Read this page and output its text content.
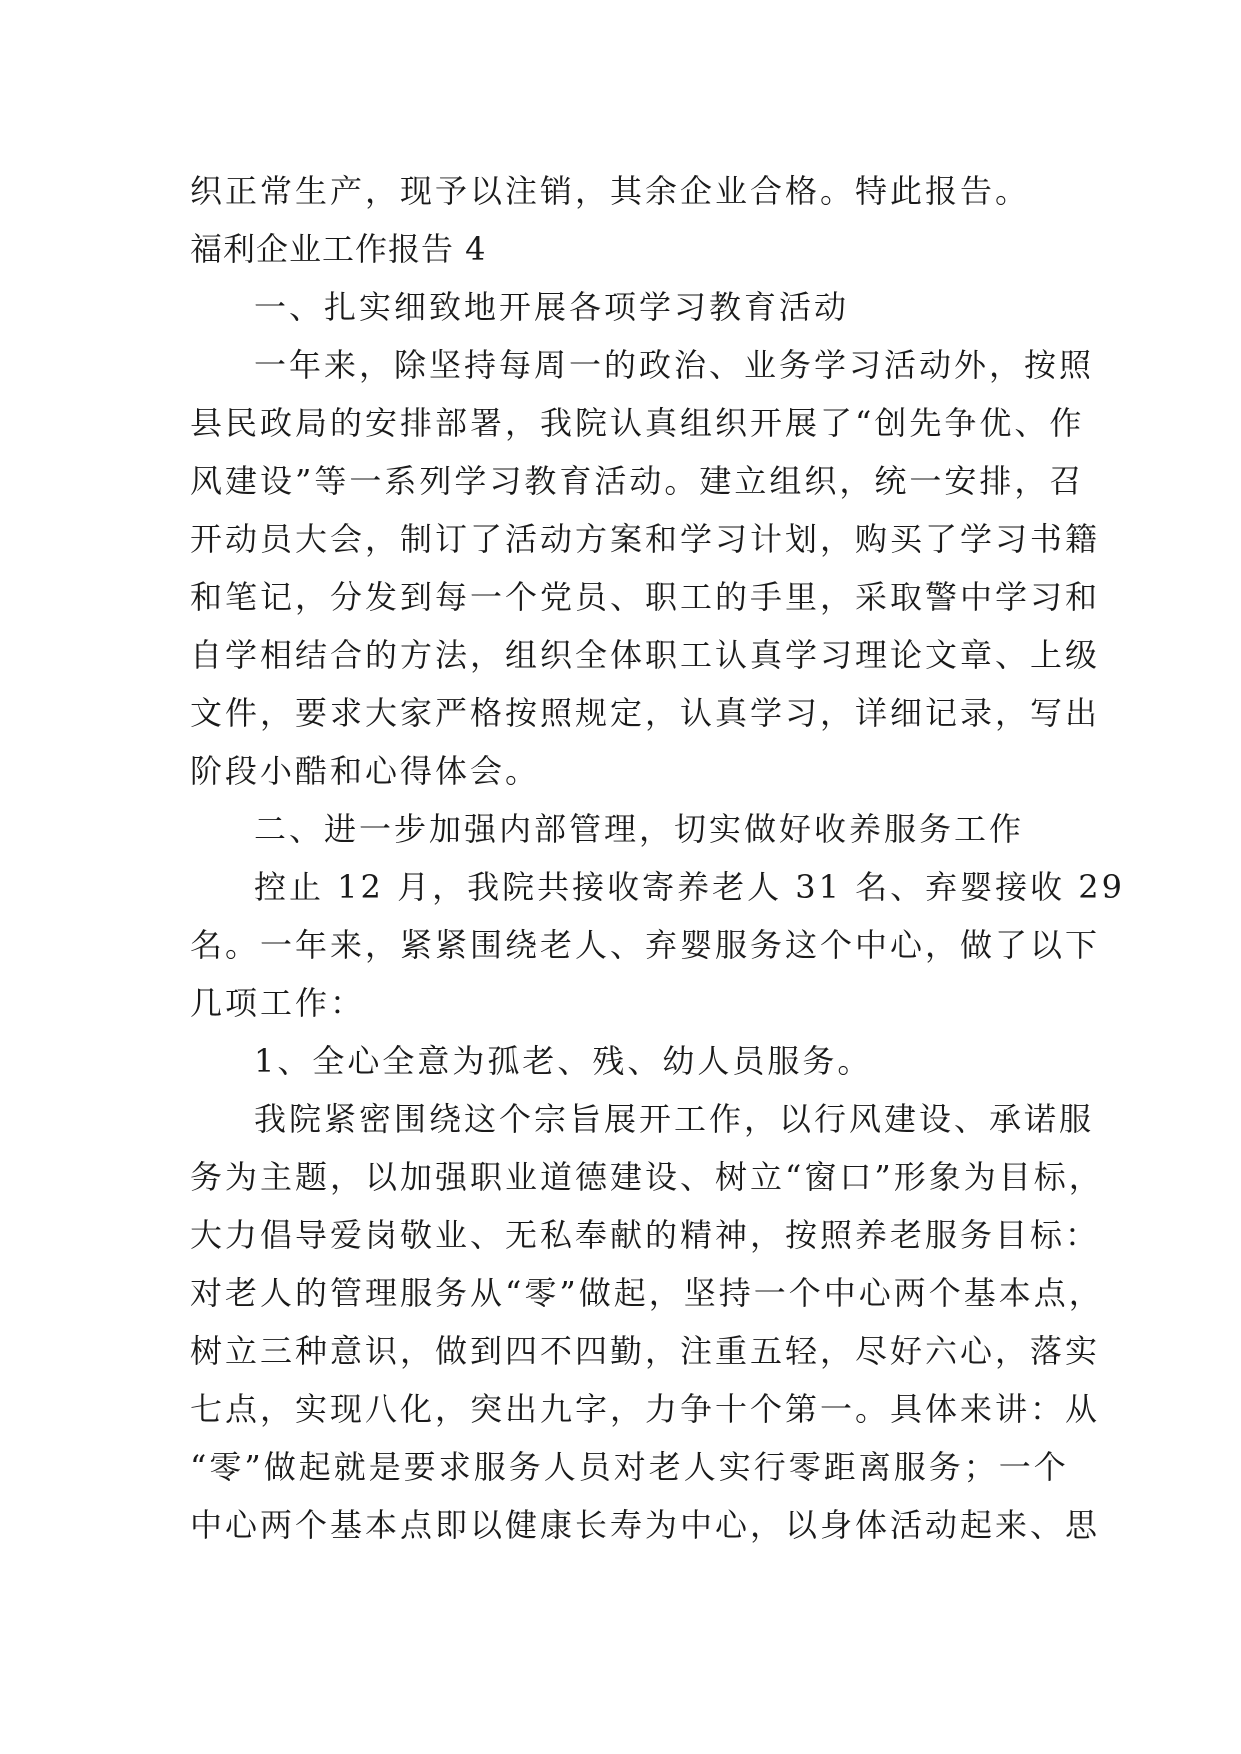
织正常生产，现予以注销，其余企业合格。特此报告。
福利企业工作报告 4
一、扎实细致地开展各项学习教育活动
一年来，除坚持每周一的政治、业务学习活动外，按照
县民政局的安排部署，我院认真组织开展了“创先争优、作
风建设”等一系列学习教育活动。建立组织，统一安排，召
开动员大会，制订了活动方案和学习计划，购买了学习书籍
和笔记，分发到每一个党员、职工的手里，采取警中学习和
自学相结合的方法，组织全体职工认真学习理论文章、上级
文件，要求大家严格按照规定，认真学习，详细记录，写出
阶段小酷和心得体会。
二、进一步加强内部管理，切实做好收养服务工作
控止 12 月，我院共接收寄养老人 31 名、弃婴接收 29
名。一年来，紧紧围绕老人、弃婴服务这个中心，做了以下
几项工作：
1、全心全意为孤老、残、幼人员服务。
我院紧密围绕这个宗旨展开工作，以行风建设、承诺服
务为主题，以加强职业道德建设、树立“窗口”形象为目标，
大力倡导爱岗敬业、无私奉献的精神，按照养老服务目标：
对老人的管理服务从“零”做起，坚持一个中心两个基本点，
树立三种意识，做到四不四勤，注重五轻，尽好六心，落实
七点，实现八化，突出九字，力争十个第一。具体来讲：从
“零”做起就是要求服务人员对老人实行零距离服务；一个
中心两个基本点即以健康长寿为中心，以身体活动起来、思
